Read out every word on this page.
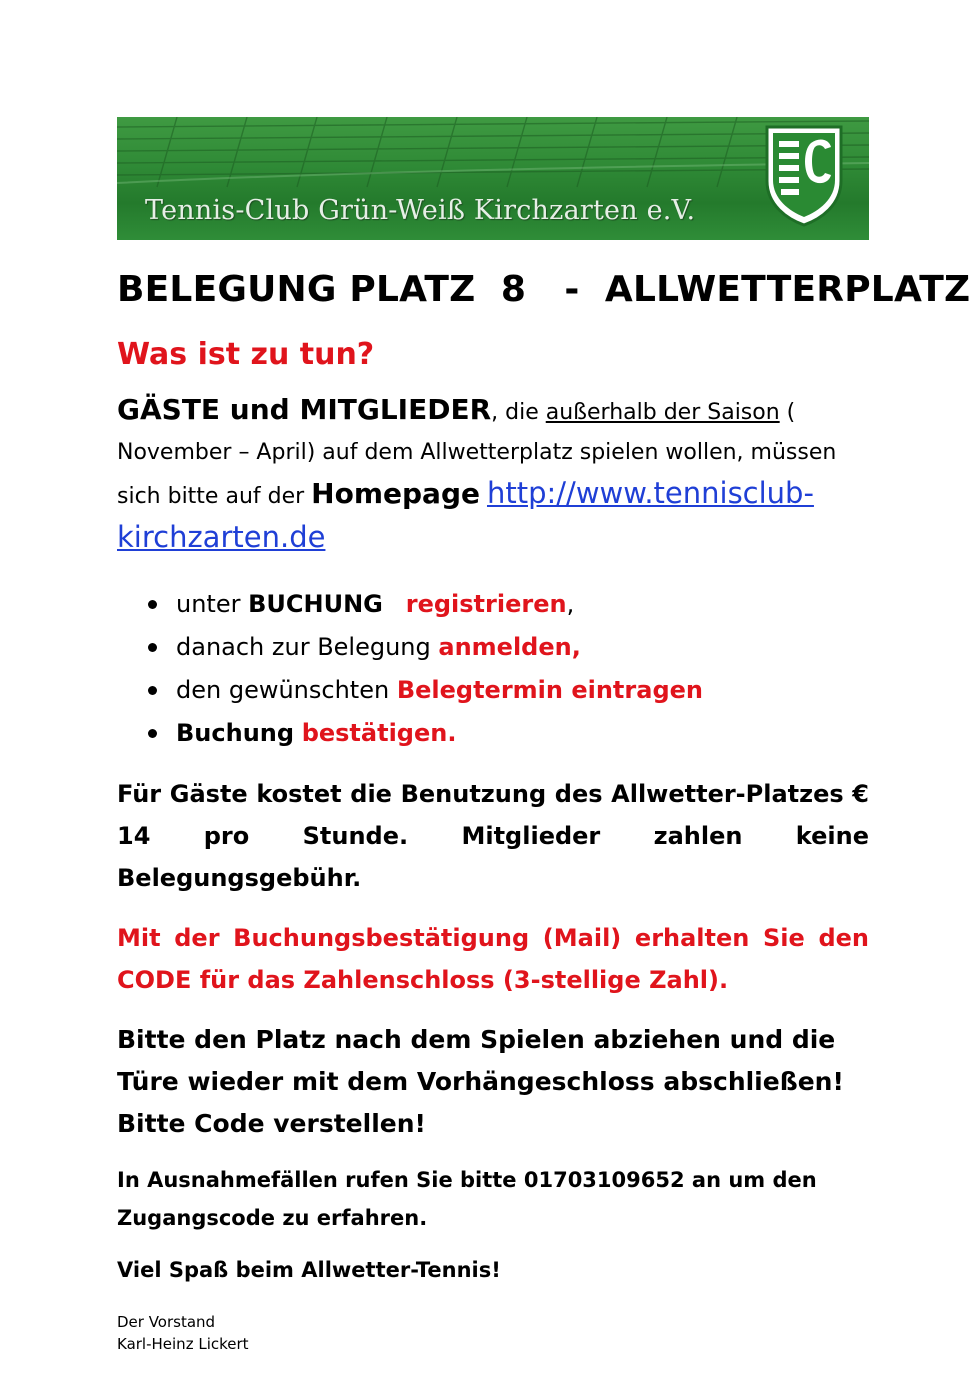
Tennis-Club Grün-Weiß Kirchzarten e.V.
BELEGUNG PLATZ  8   -  ALLWETTERPLATZ
Was ist zu tun?
GÄSTE und MITGLIEDER, die außerhalb der Saison ( November – April) auf dem Allwetterplatz spielen wollen, müssen sich bitte auf der Homepage http://www.tennisclub-kirchzarten.de
unter BUCHUNG registrieren,
danach zur Belegung anmelden,
den gewünschten Belegtermin eintragen
Buchung bestätigen.
Für Gäste kostet die Benutzung des Allwetter-Platzes € 14 pro Stunde. Mitglieder zahlen keine Belegungsgebühr.
Mit der Buchungsbestätigung (Mail) erhalten Sie den CODE für das Zahlenschloss (3-stellige Zahl).
Bitte den Platz nach dem Spielen abziehen und die Türe wieder mit dem Vorhängeschloss abschließen! Bitte Code verstellen!
In Ausnahmefällen rufen Sie bitte 01703109652 an um den Zugangscode zu erfahren.
Viel Spaß beim Allwetter-Tennis!
Der Vorstand
Karl-Heinz Lickert
